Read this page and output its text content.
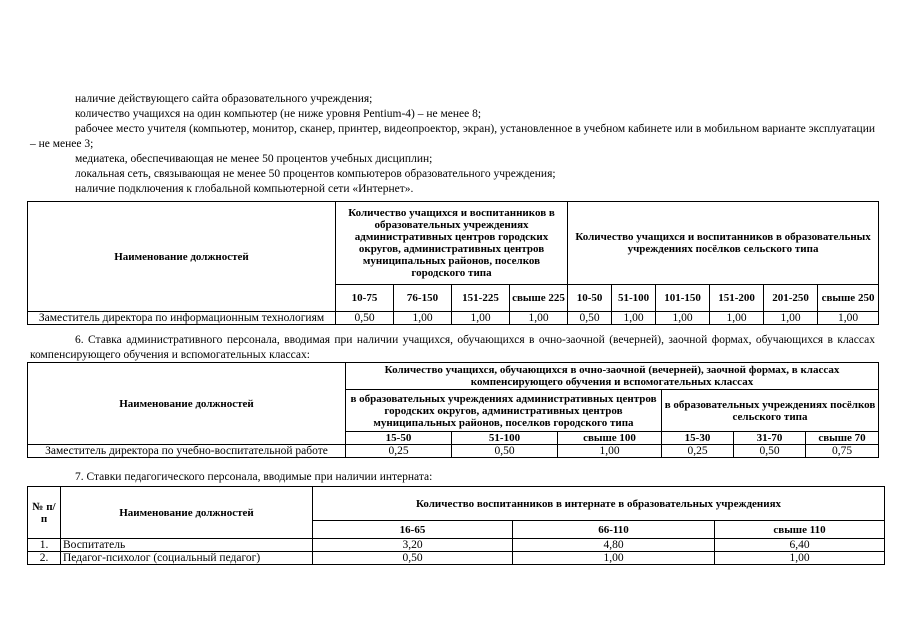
наличие действующего сайта образовательного учреждения;

количество учащихся на один компьютер (не ниже уровня Pentium-4) – не менее 8;

рабочее место учителя (компьютер, монитор, сканер, принтер, видеопроектор, экран), установленное в учебном кабинете или в мобильном варианте эксплуатации – не менее 3;

медиатека, обеспечивающая не менее 50 процентов учебных дисциплин;

локальная сеть, связывающая не менее 50 процентов компьютеров образовательного учреждения;

наличие подключения к глобальной компьютерной сети «Интернет».

Наименование должностей	Количество учащихся и воспитанников в образовательных учреждениях административных центров городских округов, административных центров муниципальных районов, поселков городского типа				Количество учащихся и воспитанников в образовательных учреждениях посёлков сельского типа					
	10-75	76-150	151-225	свыше 225	10-50	51-100	101-150	151-200	201-250	свыше 250
Заместитель директора по информационным технологиям	0,50	1,00	1,00	1,00	0,50	1,00	1,00	1,00	1,00	1,00

6. Ставка административного персонала, вводимая при наличии учащихся, обучающихся в очно-заочной (вечерней), заочной формах, обучающихся в классах компенсирующего обучения и вспомогательных классах:

Наименование должностей	Количество учащихся, обучающихся в очно-заочной (вечерней), заочной формах, в классах компенсирующего обучения и вспомогательных классах					
	в образовательных учреждениях административных центров городских округов, административных центров муниципальных районов, поселков городского типа			в образовательных учреждениях посёлков сельского типа		
	15-50	51-100	свыше 100	15-30	31-70	свыше 70
Заместитель директора по учебно-воспитательной работе	0,25	0,50	1,00	0,25	0,50	0,75
7. Ставки педагогического персонала, вводимые при наличии интерната:
№ п/п	Наименование должностей	Количество воспитанников в интернате в образовательных учреждениях		
		16-65	66-110	свыше 110
1.	Воспитатель	3,20	4,80	6,40
2.	Педагог-психолог (социальный педагог)	0,50	1,00	1,00
